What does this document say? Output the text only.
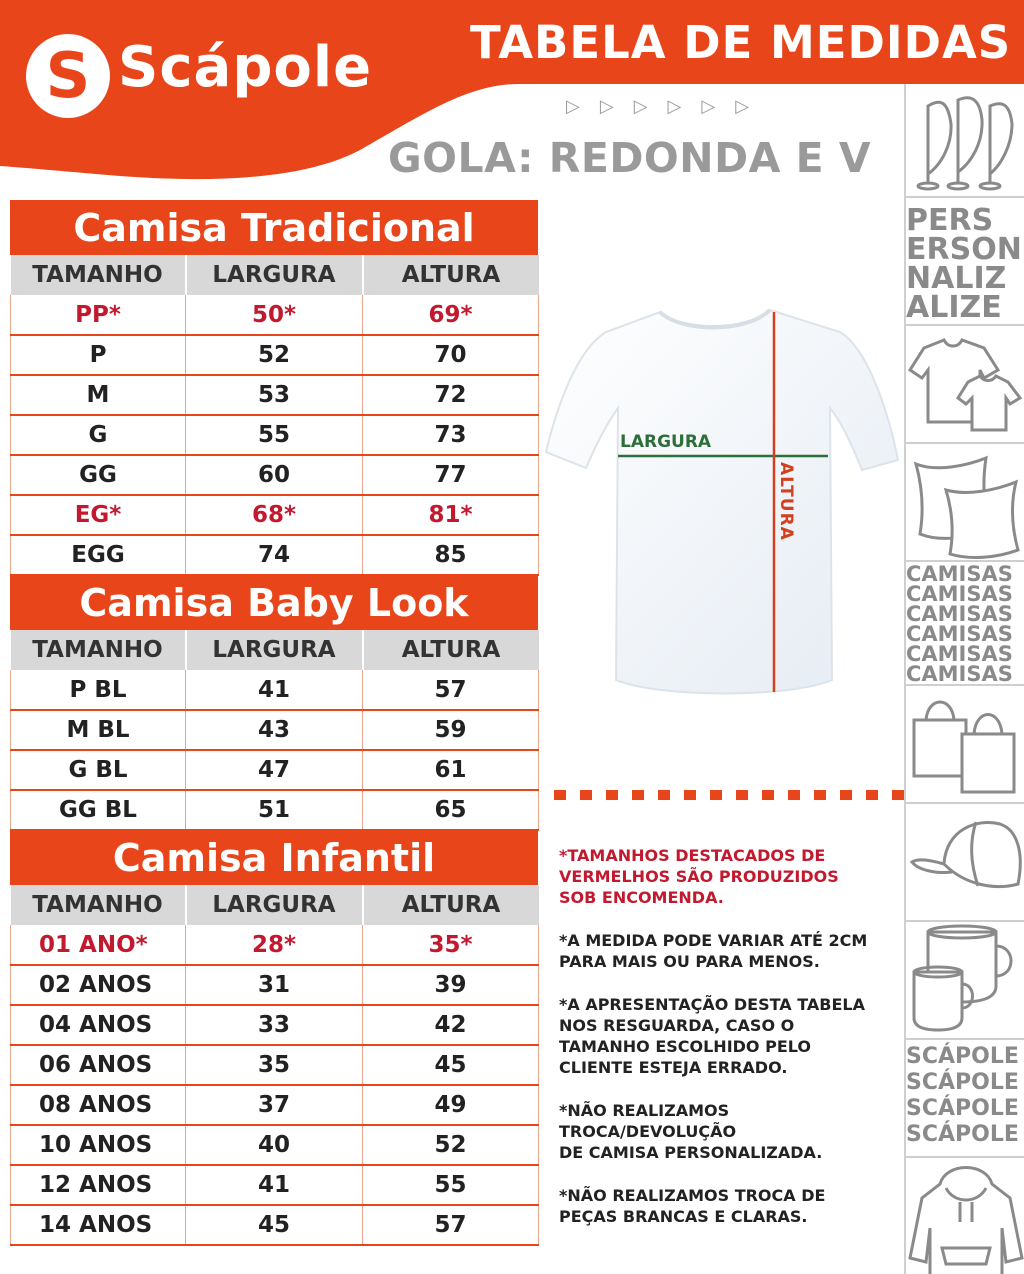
S Scápole TABELA DE MEDIDAS
▷ ▷ ▷ ▷ ▷ ▷
GOLA: REDONDA E V
Camisa Tradicional
TAMANHO	LARGURA	ALTURA
PP*	50*	69*
P	52	70
M	53	72
G	55	73
GG	60	77
EG*	68*	81*
EGG	74	85
Camisa Baby Look
TAMANHO	LARGURA	ALTURA
P BL	41	57
M BL	43	59
G BL	47	61
GG BL	51	65
Camisa Infantil
TAMANHO	LARGURA	ALTURA
01 ANO*	28*	35*
02 ANOS	31	39
04 ANOS	33	42
06 ANOS	35	45
08 ANOS	37	49
10 ANOS	40	52
12 ANOS	41	55
14 ANOS	45	57
LARGURA
ALTURA
*TAMANHOS DESTACADOS DE
VERMELHOS SÃO PRODUZIDOS
SOB ENCOMENDA.
*A MEDIDA PODE VARIAR ATÉ 2CM
PARA MAIS OU PARA MENOS.
*A APRESENTAÇÃO DESTA TABELA
NOS RESGUARDA, CASO O
TAMANHO ESCOLHIDO PELO
CLIENTE ESTEJA ERRADO.
*NÃO REALIZAMOS
TROCA/DEVOLUÇÃO
DE CAMISA PERSONALIZADA.
*NÃO REALIZAMOS TROCA DE
PEÇAS BRANCAS E CLARAS.
PERS
ERSON
NALIZ
ALIZE
CAMISAS
CAMISAS
CAMISAS
CAMISAS
CAMISAS
CAMISAS
SCÁPOLE
SCÁPOLE
SCÁPOLE
SCÁPOLE
